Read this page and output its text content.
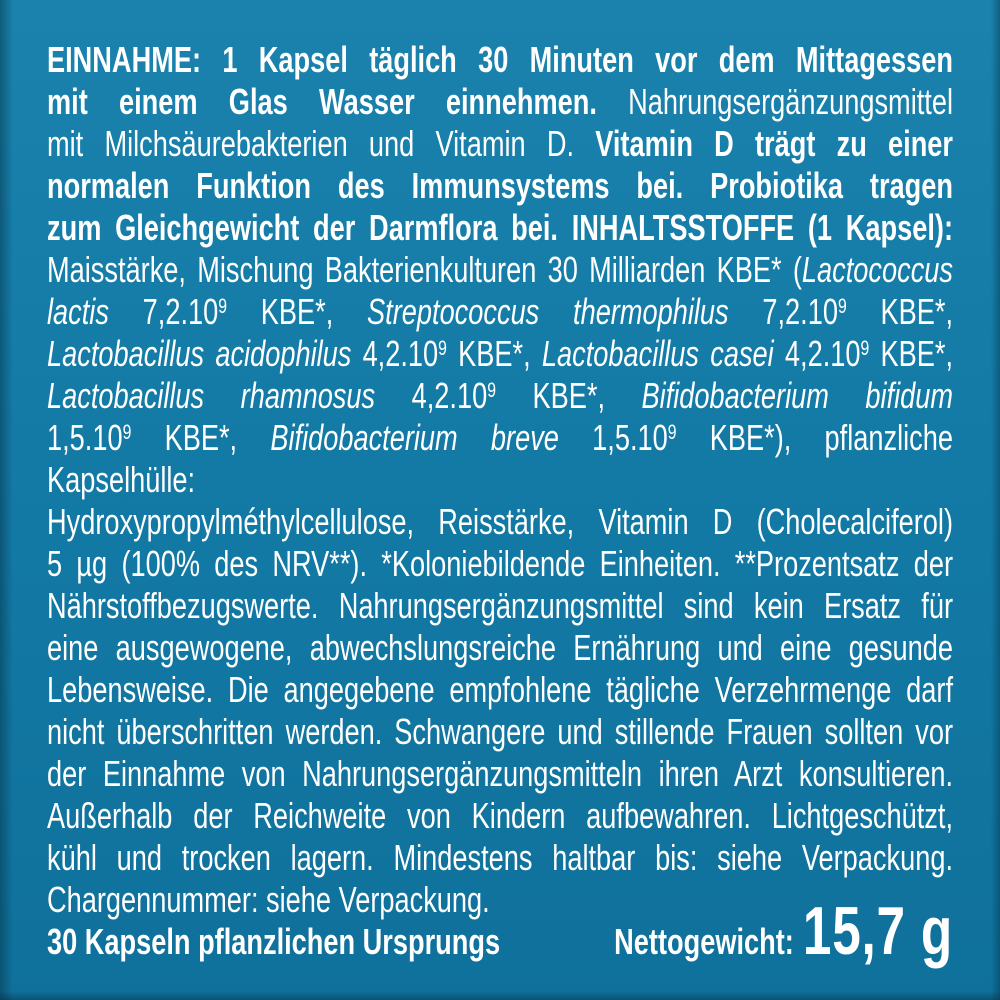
EINNAHME: 1 Kapsel täglich 30 Minuten vor dem Mittagessen
mit einem Glas Wasser einnehmen. Nahrungsergänzungsmittel
mit Milchsäurebakterien und Vitamin D. Vitamin D trägt zu einer
normalen Funktion des Immunsystems bei. Probiotika tragen
zum Gleichgewicht der Darmflora bei. INHALTSSTOFFE (1 Kapsel):
Maisstärke, Mischung Bakterienkulturen 30 Milliarden KBE* (Lactococcus
lactis 7,2.10$^9$ KBE*, Streptococcus thermophilus 7,2.10$^9$ KBE*,
Lactobacillus acidophilus 4,2.10$^9$ KBE*, Lactobacillus casei 4,2.10$^9$ KBE*,
Lactobacillus rhamnosus 4,2.10$^9$ KBE*, Bifidobacterium bifidum
1,5.10$^9$ KBE*, Bifidobacterium breve 1,5.10$^9$ KBE*), pflanzliche Kapselhülle:
Hydroxypropylméthylcellulose, Reisstärke, Vitamin D (Cholecalciferol)
5 µg (100% des NRV**). *Koloniebildende Einheiten. **Prozentsatz der
Nährstoffbezugswerte. Nahrungsergänzungsmittel sind kein Ersatz für
eine ausgewogene, abwechslungsreiche Ernährung und eine gesunde
Lebensweise. Die angegebene empfohlene tägliche Verzehrmenge darf
nicht überschritten werden. Schwangere und stillende Frauen sollten vor
der Einnahme von Nahrungsergänzungsmitteln ihren Arzt konsultieren.
Außerhalb der Reichweite von Kindern aufbewahren. Lichtgeschützt,
kühl und trocken lagern. Mindestens haltbar bis: siehe Verpackung.
Chargennummer: siehe Verpackung.
30 Kapseln pflanzlichen Ursprungs	Nettogewicht: 15,7 g
